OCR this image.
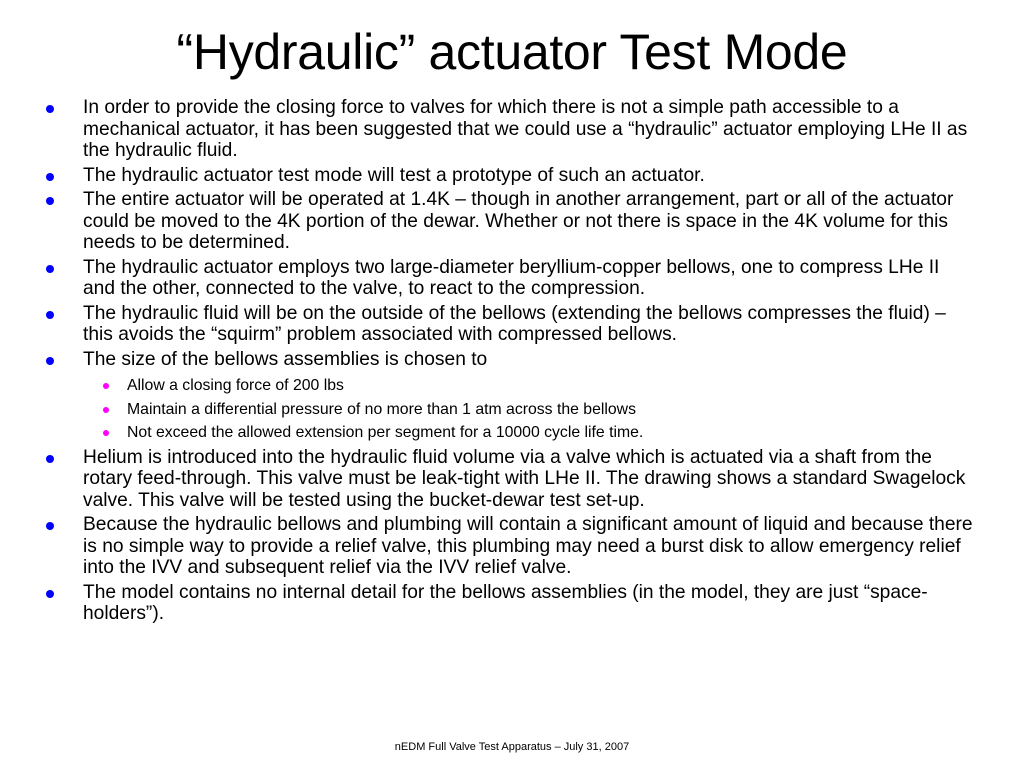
“Hydraulic” actuator Test Mode
In order to provide the closing force to valves for which there is not a simple path accessible to a mechanical actuator, it has been suggested that we could use a “hydraulic” actuator employing LHe II as the hydraulic fluid.
The hydraulic actuator test mode will test a prototype of such an actuator.
The entire actuator will be operated at 1.4K – though in another arrangement, part or all of the actuator could be moved to the 4K portion of the dewar. Whether or not there is space in the 4K volume for this needs to be determined.
The hydraulic actuator employs two large-diameter beryllium-copper bellows, one to compress LHe II and the other, connected to the valve, to react to the compression.
The hydraulic fluid will be on the outside of the bellows (extending the bellows compresses the fluid) – this avoids the “squirm” problem associated with compressed bellows.
The size of the bellows assemblies is chosen to
Allow a closing force of 200 lbs
Maintain a differential pressure of no more than 1 atm across the bellows
Not exceed the allowed extension per segment for a 10000 cycle life time.
Helium is introduced into the hydraulic fluid volume via a valve which is actuated via a shaft from the rotary feed-through. This valve must be leak-tight with LHe II. The drawing shows a standard Swagelock valve. This valve will be tested using the bucket-dewar test set-up.
Because the hydraulic bellows and plumbing will contain a significant amount of liquid and because there is no simple way to provide a relief valve, this plumbing may need a burst disk to allow emergency relief into the IVV and subsequent relief via the IVV relief valve.
The model contains no internal detail for the bellows assemblies (in the model, they are just “space-holders”).

nEDM Full Valve Test Apparatus – July 31, 2007
